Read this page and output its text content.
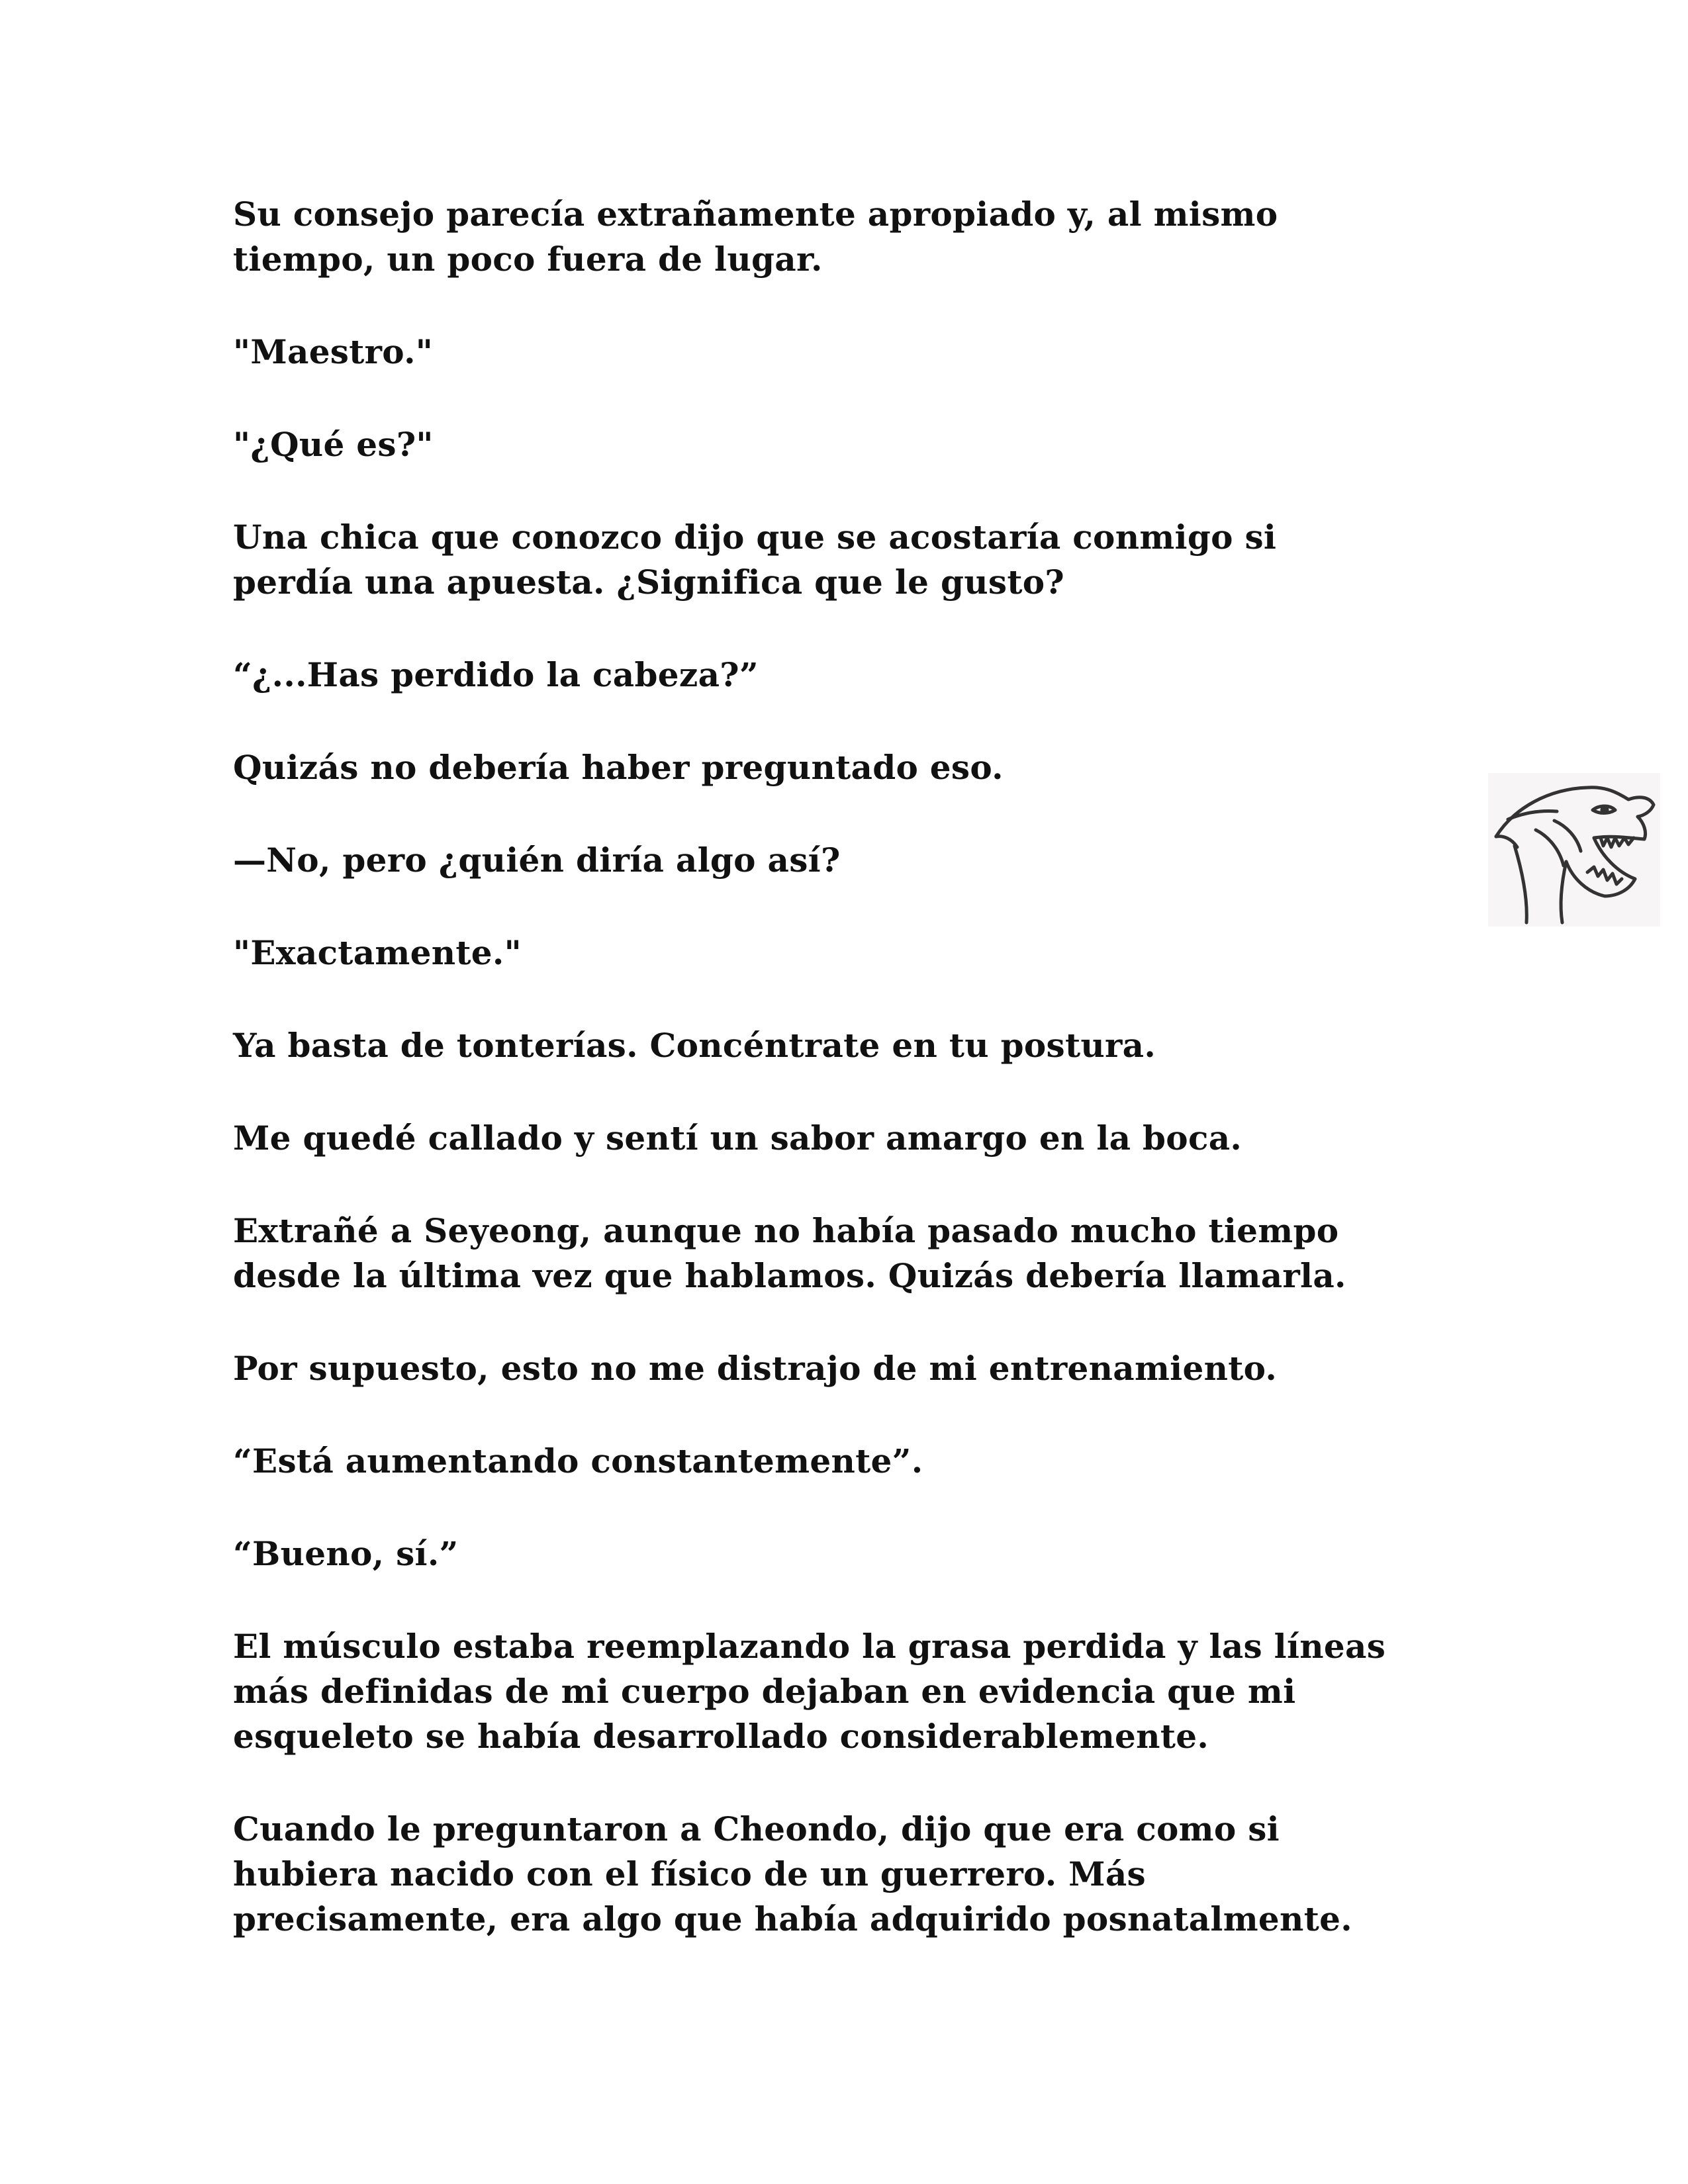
Su consejo parecía extrañamente apropiado y, al mismo
tiempo, un poco fuera de lugar.

"Maestro."

"¿Qué es?"

Una chica que conozco dijo que se acostaría conmigo si
perdía una apuesta. ¿Significa que le gusto?

“¿...Has perdido la cabeza?”

Quizás no debería haber preguntado eso.

—No, pero ¿quién diría algo así?

"Exactamente."

Ya basta de tonterías. Concéntrate en tu postura.

Me quedé callado y sentí un sabor amargo en la boca.

Extrañé a Seyeong, aunque no había pasado mucho tiempo
desde la última vez que hablamos. Quizás debería llamarla.

Por supuesto, esto no me distrajo de mi entrenamiento.

“Está aumentando constantemente”.

“Bueno, sí.”

El músculo estaba reemplazando la grasa perdida y las líneas
más definidas de mi cuerpo dejaban en evidencia que mi
esqueleto se había desarrollado considerablemente.

Cuando le preguntaron a Cheondo, dijo que era como si
hubiera nacido con el físico de un guerrero. Más
precisamente, era algo que había adquirido posnatalmente.
